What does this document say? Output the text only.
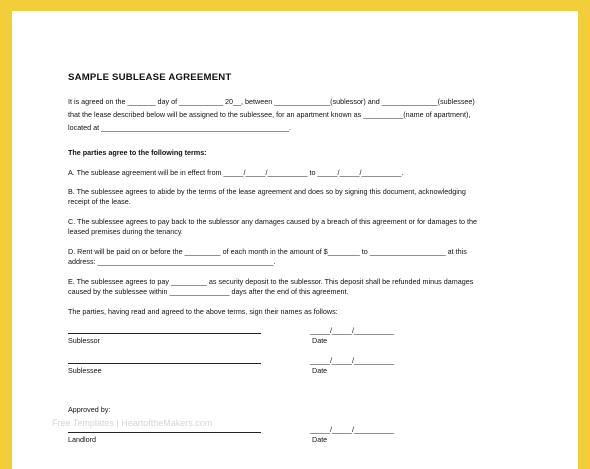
SAMPLE SUBLEASE AGREEMENT
It is agreed on the _______ day of ___________ 20__, between ______________(sublessor) and ______________(sublessee)
that the lease described below will be assigned to the sublessee, for an apartment known as __________(name of apartment),
located at _______________________________________________.
The parties agree to the following terms:
A. The sublease agreement will be in effect from _____/_____/__________ to _____/_____/__________.
B. The sublessee agrees to abide by the terms of the lease agreement and does so by signing this document, acknowledging
receipt of the lease.
C. The sublessee agrees to pay back to the sublessor any damages caused by a breach of this agreement or for damages to the
leased premises during the tenancy.
D. Rent will be paid on or before the _________ of each month in the amount of $________ to ___________________ at this
address: ____________________________________________.
E. The sublessee agrees to pay _________ as security deposit to the sublessor. This deposit shall be refunded minus damages
caused by the sublessee within _______________ days after the end of this agreement.
The parties, having read and agreed to the above terms, sign their names as follows:
Sublessor
_____/_____/__________
Date
Sublessee
_____/_____/__________
Date
Approved by:
Free Templates | HeartoftheMakers.com
Landlord
_____/_____/__________
Date
